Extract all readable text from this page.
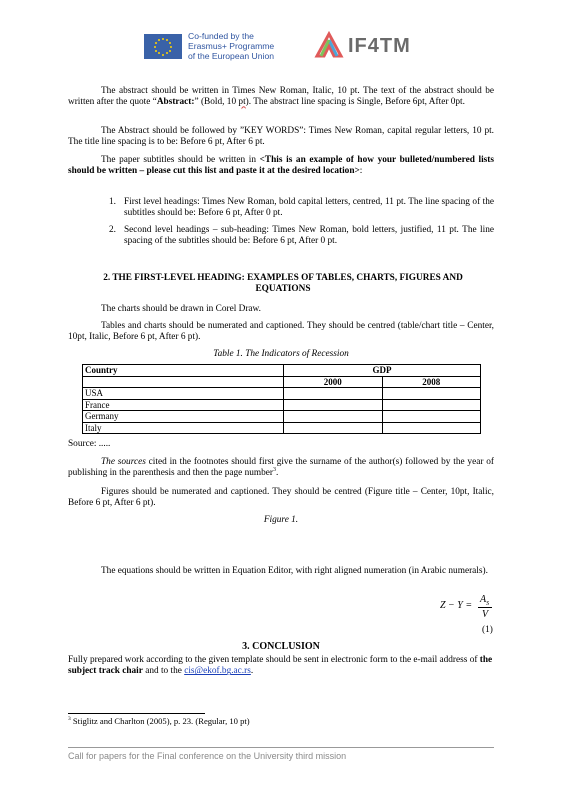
Co-funded by the
Erasmus+ Programme
of the European Union	IF4TM
The abstract should be written in Times New Roman, Italic, 10 pt. The text of the abstract should be written after the quote “Abstract:” (Bold, 10 pt). The abstract line spacing is Single, Before 6pt, After 0pt.
The Abstract should be followed by ”KEY WORDS”: Times New Roman, capital regular letters, 10 pt. The title line spacing is to be: Before 6 pt, After 6 pt.
The paper subtitles should be written in <This is an example of how your bulleted/numbered lists should be written – please cut this list and paste it at the desired location>:
1. First level headings: Times New Roman, bold capital letters, centred, 11 pt. The line spacing of the subtitles should be: Before 6 pt, After 0 pt.
2. Second level headings – sub-heading: Times New Roman, bold letters, justified, 11 pt. The line spacing of the subtitles should be: Before 6 pt, After 0 pt.
2. THE FIRST-LEVEL HEADING: EXAMPLES OF TABLES, CHARTS, FIGURES AND EQUATIONS
The charts should be drawn in Corel Draw.
Tables and charts should be numerated and captioned. They should be centred (table/chart title – Center, 10pt, Italic, Before 6 pt, After 6 pt).
Table 1. The Indicators of Recession
Country	GDP	
	2000	2008
USA		
France		
Germany		
Italy		
Source: .....
The sources cited in the footnotes should first give the surname of the author(s) followed by the year of publishing in the parenthesis and then the page number$^3$.
Figures should be numerated and captioned. They should be centred (Figure title – Center, 10pt, Italic, Before 6 pt, After 6 pt).
Figure 1.
The equations should be written in Equation Editor, with right aligned numeration (in Arabic numerals).
Z − Y =
$A_S$
V
(1)
3. CONCLUSION
Fully prepared work according to the given template should be sent in electronic form to the e-mail address of the subject track chair and to the cis@ekof.bg.ac.rs.
$^3$ Stiglitz and Charlton (2005), p. 23. (Regular, 10 pt)
Call for papers for the Final conference on the University third mission
